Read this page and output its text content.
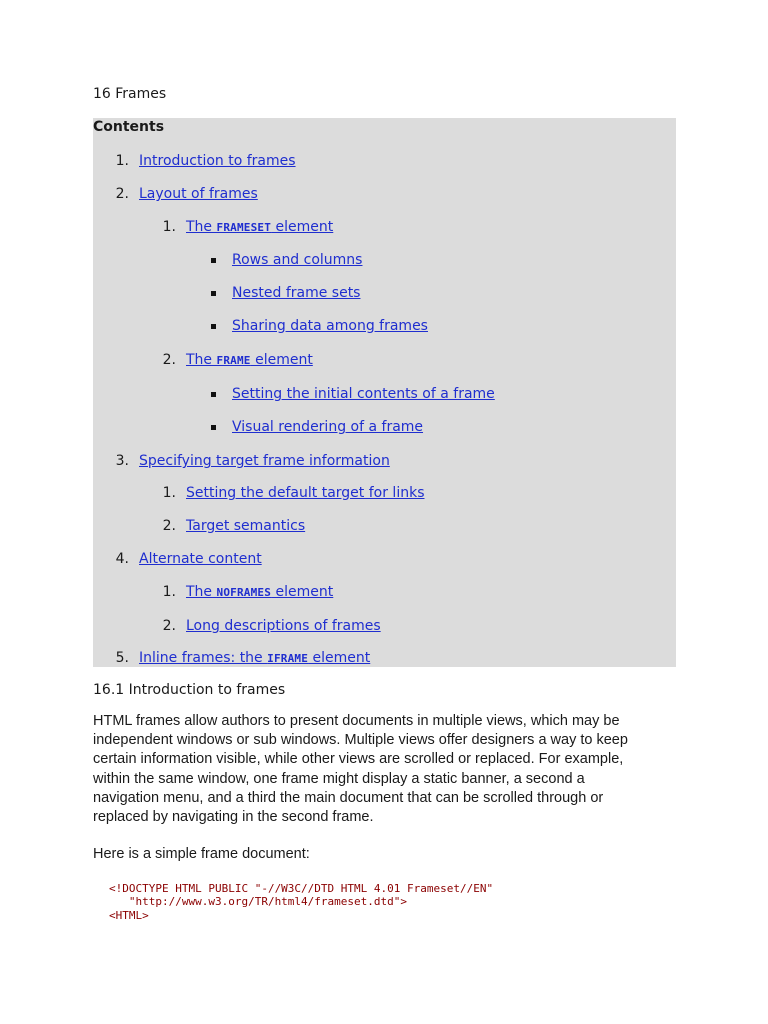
16 Frames
Contents
1. Introduction to frames
2. Layout of frames
1. The FRAMESET element
Rows and columns
Nested frame sets
Sharing data among frames
2. The FRAME element
Setting the initial contents of a frame
Visual rendering of a frame
3. Specifying target frame information
1. Setting the default target for links
2. Target semantics
4. Alternate content
1. The NOFRAMES element
2. Long descriptions of frames
5. Inline frames: the IFRAME element
16.1 Introduction to frames

HTML frames allow authors to present documents in multiple views, which may be

independent windows or sub windows. Multiple views offer designers a way to keep

certain information visible, while other views are scrolled or replaced. For example,

within the same window, one frame might display a static banner, a second a

navigation menu, and a third the main document that can be scrolled through or

replaced by navigating in the second frame.

Here is a simple frame document:

<!DOCTYPE HTML PUBLIC "-//W3C//DTD HTML 4.01 Frameset//EN"
"http://www.w3.org/TR/html4/frameset.dtd">
<HTML>
